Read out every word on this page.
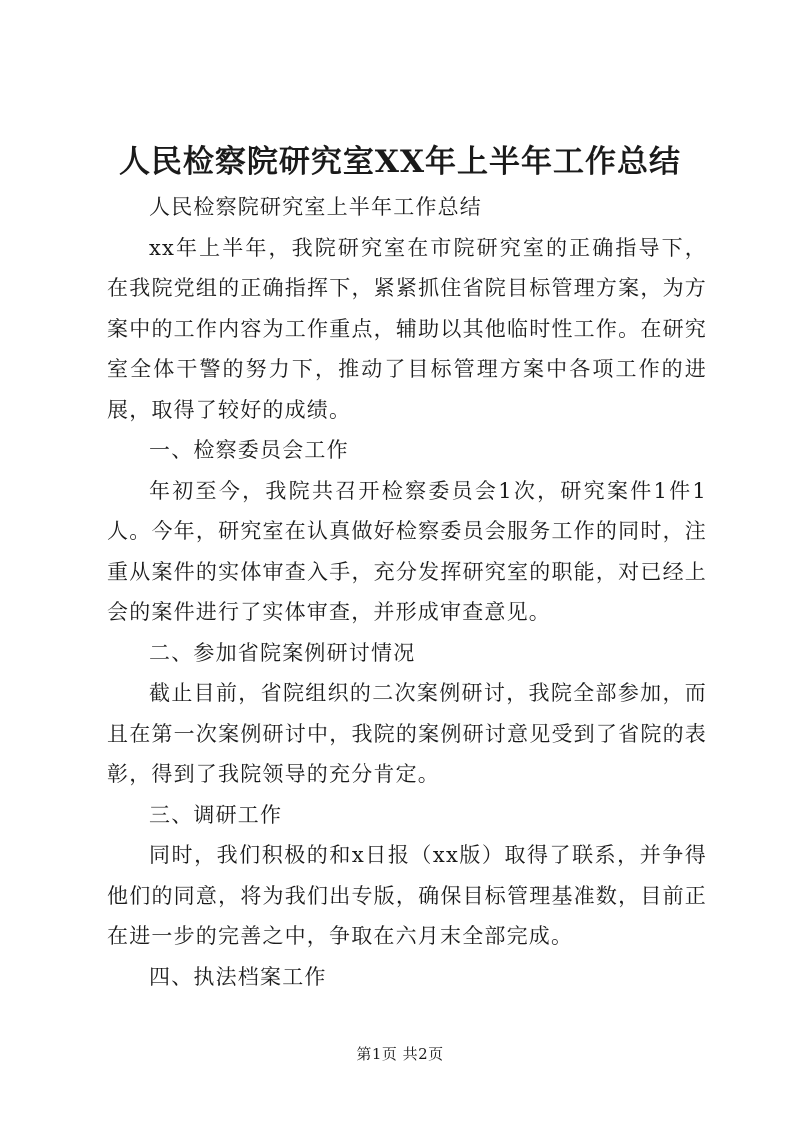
人民检察院研究室XX年上半年工作总结

人民检察院研究室上半年工作总结

xx年上半年，我院研究室在市院研究室的正确指导下，在我院党组的正确指挥下，紧紧抓住省院目标管理方案，为方案中的工作内容为工作重点，辅助以其他临时性工作。在研究室全体干警的努力下，推动了目标管理方案中各项工作的进展，取得了较好的成绩。

一、检察委员会工作

年初至今，我院共召开检察委员会1次，研究案件1件1人。今年，研究室在认真做好检察委员会服务工作的同时，注重从案件的实体审查入手，充分发挥研究室的职能，对已经上会的案件进行了实体审查，并形成审查意见。

二、参加省院案例研讨情况

截止目前，省院组织的二次案例研讨，我院全部参加，而且在第一次案例研讨中，我院的案例研讨意见受到了省院的表彰，得到了我院领导的充分肯定。

三、调研工作

同时，我们积极的和x日报（xx版）取得了联系，并争得他们的同意，将为我们出专版，确保目标管理基准数，目前正在进一步的完善之中，争取在六月末全部完成。

四、执法档案工作

第1页 共2页
